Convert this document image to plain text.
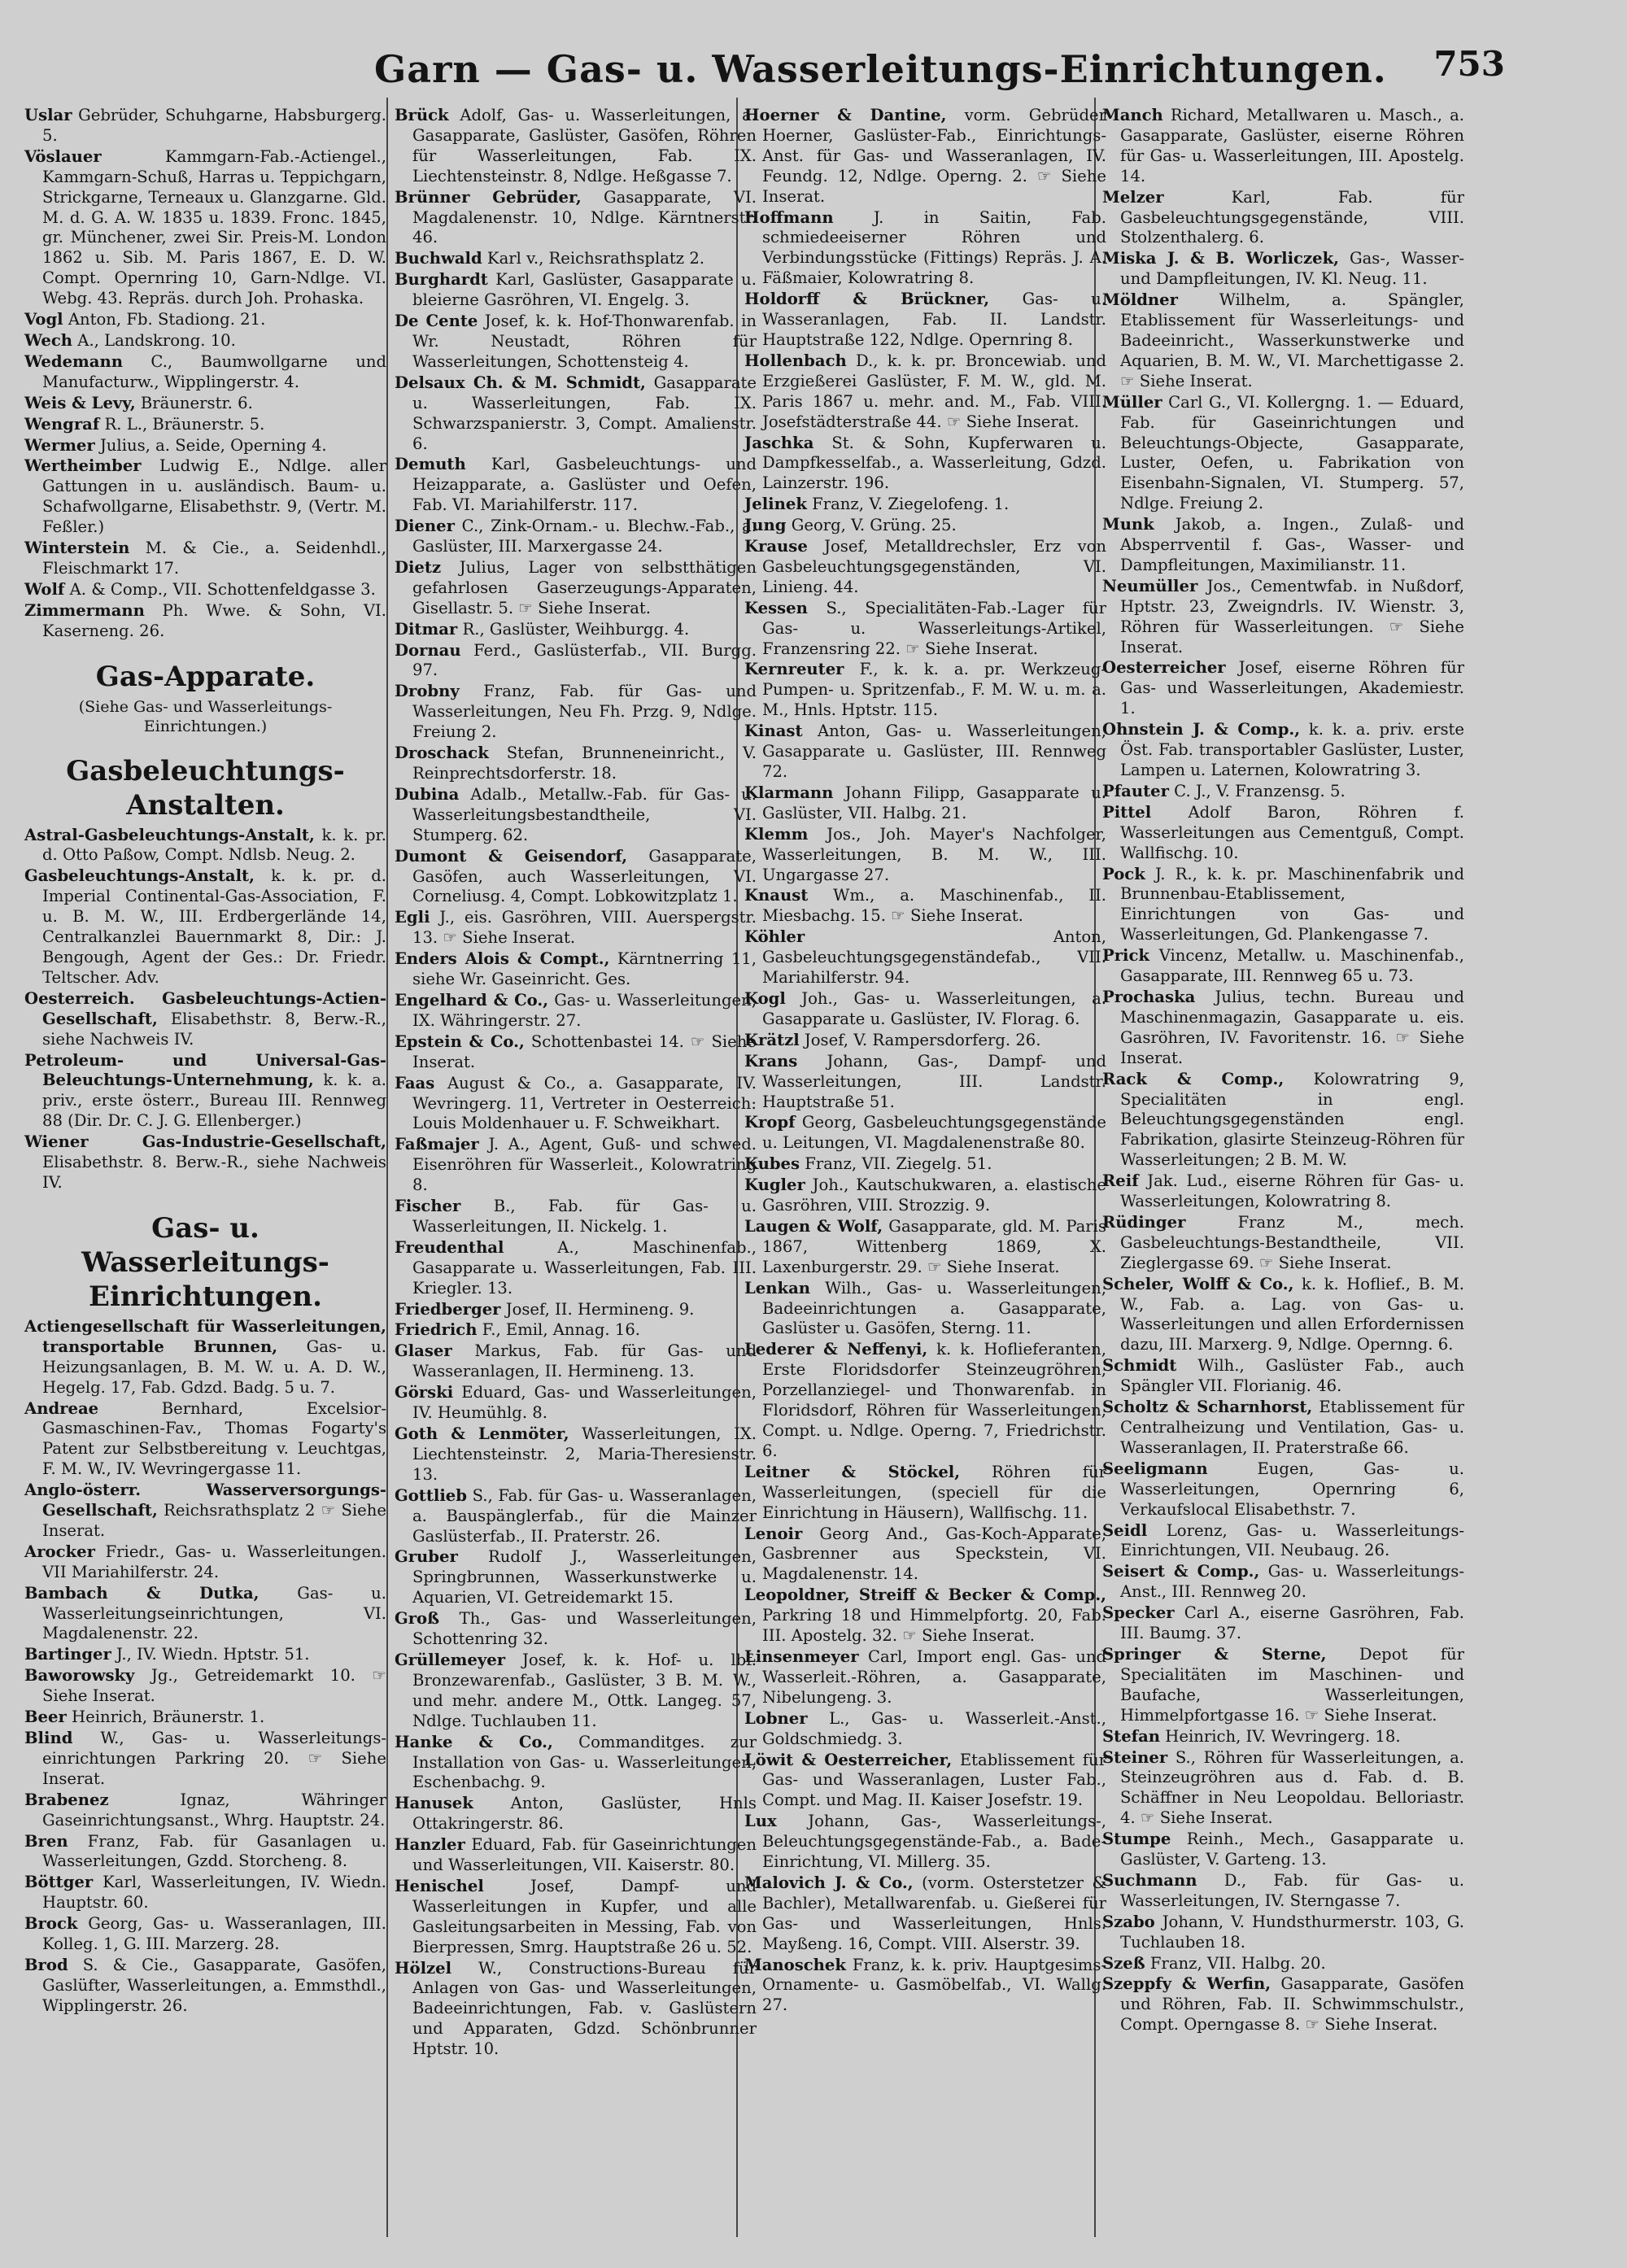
Garn — Gas- u. Wasserleitungs-Einrichtungen. 753
Uslar Gebrüder, Schuhgarne, Habsburgerg. 5.
Vöslauer Kammgarn-Fab.-Actiengel., Kammgarn-Schuß, Harras u. Teppichgarn, Strickgarne, Terneaux u. Glanzgarne. Gld. M. d. G. A. W. 1835 u. 1839. Fronc. 1845, gr. Münchener, zwei Sir. Preis-M. London 1862 u. Sib. M. Paris 1867, E. D. W. Compt. Opernring 10, Garn-Ndlge. VI. Webg. 43. Repräs. durch Joh. Prohaska.
Vogl Anton, Fb. Stadiong. 21.
Wech A., Landskrong. 10.
Wedemann C., Baumwollgarne und Manufacturw., Wipplingerstr. 4.
Weis & Levy, Bräunerstr. 6.
Wengraf R. L., Bräunerstr. 5.
Wermer Julius, a. Seide, Operning 4.
Wertheimber Ludwig E., Ndlge. aller Gattungen in u. ausländisch. Baum- u. Schafwollgarne, Elisabethstr. 9, (Vertr. M. Feßler.)
Winterstein M. & Cie., a. Seidenhdl., Fleischmarkt 17.
Wolf A. & Comp., VII. Schottenfeldgasse 3.
Zimmermann Ph. Wwe. & Sohn, VI. Kaserneng. 26.
Gas-Apparate.
(Siehe Gas- und Wasserleitungs-Einrichtungen.)
Gasbeleuchtungs-Anstalten.
Astral-Gasbeleuchtungs-Anstalt, k. k. pr. d. Otto Paßow, Compt. Ndlsb. Neug. 2.
Gasbeleuchtungs-Anstalt, k. k. pr. d. Imperial Continental-Gas-Association, F. u. B. M. W., III. Erdbergerlände 14, Centralkanzlei Bauernmarkt 8, Dir.: J. Bengough, Agent der Ges.: Dr. Friedr. Teltscher. Adv.
Oesterreich. Gasbeleuchtungs-Actien-Gesellschaft, Elisabethstr. 8, Berw.-R., siehe Nachweis IV.
Petroleum- und Universal-Gas-Beleuchtungs-Unternehmung, k. k. a. priv., erste österr., Bureau III. Rennweg 88 (Dir. Dr. C. J. G. Ellenberger.)
Wiener Gas-Industrie-Gesellschaft, Elisabethstr. 8. Berw.-R., siehe Nachweis IV.
Gas- u. Wasserleitungs-Einrichtungen.
Actiengesellschaft für Wasserleitungen, transportable Brunnen, Gas- u. Heizungsanlagen, B. M. W. u. A. D. W., Hegelg. 17, Fab. Gdzd. Badg. 5 u. 7.
Andreae Bernhard, Excelsior-Gasmaschinen-Fav., Thomas Fogarty's Patent zur Selbstbereitung v. Leuchtgas, F. M. W., IV. Wevringergasse 11.
Anglo-österr. Wasserversorgungs-Gesellschaft, Reichsrathsplatz 2 ☞ Siehe Inserat.
Arocker Friedr., Gas- u. Wasserleitungen. VII Mariahilferstr. 24.
Bambach & Dutka, Gas- u. Wasserleitungseinrichtungen, VI. Magdalenenstr. 22.
Bartinger J., IV. Wiedn. Hptstr. 51.
Baworowsky Jg., Getreidemarkt 10. ☞ Siehe Inserat.
Beer Heinrich, Bräunerstr. 1.
Blind W., Gas- u. Wasserleitungs-einrichtungen Parkring 20. ☞ Siehe Inserat.
Brabenez Ignaz, Währinger Gaseinrichtungsanst., Whrg. Hauptstr. 24.
Bren Franz, Fab. für Gasanlagen u. Wasserleitungen, Gzdd. Storcheng. 8.
Böttger Karl, Wasserleitungen, IV. Wiedn. Hauptstr. 60.
Brock Georg, Gas- u. Wasseranlagen, III. Kolleg. 1, G. III. Marzerg. 28.
Brod S. & Cie., Gasapparate, Gasöfen, Gaslüfter, Wasserleitungen, a. Emmsthdl., Wipplingerstr. 26.
Brück Adolf, Gas- u. Wasserleitungen, a. Gasapparate, Gaslüster, Gasöfen, Röhren für Wasserleitungen, Fab. IX. Liechtensteinstr. 8, Ndlge. Heßgasse 7.
Brünner Gebrüder, Gasapparate, VI. Magdalenenstr. 10, Ndlge. Kärntnerstr. 46.
Buchwald Karl v., Reichsrathsplatz 2.
Burghardt Karl, Gaslüster, Gasapparate u. bleierne Gasröhren, VI. Engelg. 3.
De Cente Josef, k. k. Hof-Thonwarenfab. in Wr. Neustadt, Röhren für Wasserleitungen, Schottensteig 4.
Delsaux Ch. & M. Schmidt, Gasapparate u. Wasserleitungen, Fab. IX. Schwarzspanierstr. 3, Compt. Amalienstr. 6.
Demuth Karl, Gasbeleuchtungs- und Heizapparate, a. Gaslüster und Oefen, Fab. VI. Mariahilferstr. 117.
Diener C., Zink-Ornam.- u. Blechw.-Fab., a. Gaslüster, III. Marxergasse 24.
Dietz Julius, Lager von selbstthätigen gefahrlosen Gaserzeugungs-Apparaten, Gisellastr. 5. ☞ Siehe Inserat.
Ditmar R., Gaslüster, Weihburgg. 4.
Dornau Ferd., Gaslüsterfab., VII. Burgg. 97.
Drobny Franz, Fab. für Gas- und Wasserleitungen, Neu Fh. Przg. 9, Ndlge. Freiung 2.
Droschack Stefan, Brunneneinricht., V. Reinprechtsdorferstr. 18.
Dubina Adalb., Metallw.-Fab. für Gas- u. Wasserleitungsbestandtheile, VI. Stumperg. 62.
Dumont & Geisendorf, Gasapparate, Gasöfen, auch Wasserleitungen, VI. Corneliusg. 4, Compt. Lobkowitzplatz 1.
Egli J., eis. Gasröhren, VIII. Auerspergstr. 13. ☞ Siehe Inserat.
Enders Alois & Compt., Kärntnerring 11, siehe Wr. Gaseinricht. Ges.
Engelhard & Co., Gas- u. Wasserleitungen, IX. Währingerstr. 27.
Epstein & Co., Schottenbastei 14. ☞ Siehe Inserat.
Faas August & Co., a. Gasapparate, IV. Wevringerg. 11, Vertreter in Oesterreich: Louis Moldenhauer u. F. Schweikhart.
Faßmajer J. A., Agent, Guß- und schwed. Eisenröhren für Wasserleit., Kolowratring 8.
Fischer B., Fab. für Gas- u. Wasserleitungen, II. Nickelg. 1.
Freudenthal A., Maschinenfab., Gasapparate u. Wasserleitungen, Fab. III. Kriegler. 13.
Friedberger Josef, II. Hermineng. 9.
Friedrich F., Emil, Annag. 16.
Glaser Markus, Fab. für Gas- und Wasseranlagen, II. Hermineng. 13.
Görski Eduard, Gas- und Wasserleitungen, IV. Heumühlg. 8.
Goth & Lenmöter, Wasserleitungen, IX. Liechtensteinstr. 2, Maria-Theresienstr. 13.
Gottlieb S., Fab. für Gas- u. Wasseranlagen, a. Bauspänglerfab., für die Mainzer Gaslüsterfab., II. Praterstr. 26.
Gruber Rudolf J., Wasserleitungen, Springbrunnen, Wasserkunstwerke u. Aquarien, VI. Getreidemarkt 15.
Groß Th., Gas- und Wasserleitungen, Schottenring 32.
Grüllemeyer Josef, k. k. Hof- u. lbf. Bronzewarenfab., Gaslüster, 3 B. M. W., und mehr. andere M., Ottk. Langeg. 57, Ndlge. Tuchlauben 11.
Hanke & Co., Commanditges. zur Installation von Gas- u. Wasserleitungen, Eschenbachg. 9.
Hanusek Anton, Gaslüster, Hnls Ottakringerstr. 86.
Hanzler Eduard, Fab. für Gaseinrichtungen und Wasserleitungen, VII. Kaiserstr. 80.
Henischel Josef, Dampf- und Wasserleitungen in Kupfer, und alle Gasleitungsarbeiten in Messing, Fab. von Bierpressen, Smrg. Hauptstraße 26 u. 52.
Hölzel W., Constructions-Bureau für Anlagen von Gas- und Wasserleitungen, Badeeinrichtungen, Fab. v. Gaslüstern und Apparaten, Gdzd. Schönbrunner Hptstr. 10.
Hoerner & Dantine, vorm. Gebrüder Hoerner, Gaslüster-Fab., Einrichtungs-Anst. für Gas- und Wasseranlagen, IV. Feundg. 12, Ndlge. Operng. 2. ☞ Siehe Inserat.
Hoffmann J. in Saitin, Fab. schmiedeeiserner Röhren und Verbindungsstücke (Fittings) Repräs. J. A. Fäßmaier, Kolowratring 8.
Holdorff & Brückner, Gas- u. Wasseranlagen, Fab. II. Landstr. Hauptstraße 122, Ndlge. Opernring 8.
Hollenbach D., k. k. pr. Broncewiab. und Erzgießerei Gaslüster, F. M. W., gld. M. Paris 1867 u. mehr. and. M., Fab. VIII. Josefstädterstraße 44. ☞ Siehe Inserat.
Jaschka St. & Sohn, Kupferwaren u. Dampfkesselfab., a. Wasserleitung, Gdzd. Lainzerstr. 196.
Jelinek Franz, V. Ziegelofeng. 1.
Jung Georg, V. Grüng. 25.
Krause Josef, Metalldrechsler, Erz von Gasbeleuchtungsgegenständen, VI. Linieng. 44.
Kessen S., Specialitäten-Fab.-Lager für Gas- u. Wasserleitungs-Artikel, Franzensring 22. ☞ Siehe Inserat.
Kernreuter F., k. k. a. pr. Werkzeug-Pumpen- u. Spritzenfab., F. M. W. u. m. a. M., Hnls. Hptstr. 115.
Kinast Anton, Gas- u. Wasserleitungen, Gasapparate u. Gaslüster, III. Rennweg 72.
Klarmann Johann Filipp, Gasapparate u. Gaslüster, VII. Halbg. 21.
Klemm Jos., Joh. Mayer's Nachfolger, Wasserleitungen, B. M. W., III. Ungargasse 27.
Knaust Wm., a. Maschinenfab., II. Miesbachg. 15. ☞ Siehe Inserat.
Köhler Anton, Gasbeleuchtungsgegenständefab., VII. Mariahilferstr. 94.
Kogl Joh., Gas- u. Wasserleitungen, a. Gasapparate u. Gaslüster, IV. Florag. 6.
Krätzl Josef, V. Rampersdorferg. 26.
Krans Johann, Gas-, Dampf- und Wasserleitungen, III. Landstr. Hauptstraße 51.
Kropf Georg, Gasbeleuchtungsgegenstände u. Leitungen, VI. Magdalenenstraße 80.
Kubes Franz, VII. Ziegelg. 51.
Kugler Joh., Kautschukwaren, a. elastische Gasröhren, VIII. Strozzig. 9.
Laugen & Wolf, Gasapparate, gld. M. Paris 1867, Wittenberg 1869, X. Laxenburgerstr. 29. ☞ Siehe Inserat.
Lenkan Wilh., Gas- u. Wasserleitungen, Badeeinrichtungen a. Gasapparate, Gaslüster u. Gasöfen, Sterng. 11.
Lederer & Neffenyi, k. k. Hoflieferanten, Erste Floridsdorfer Steinzeugröhren, Porzellanziegel- und Thonwarenfab. in Floridsdorf, Röhren für Wasserleitungen, Compt. u. Ndlge. Operng. 7, Friedrichstr. 6.
Leitner & Stöckel, Röhren für Wasserleitungen, (speciell für die Einrichtung in Häusern), Wallfischg. 11.
Lenoir Georg And., Gas-Koch-Apparate, Gasbrenner aus Speckstein, VI. Magdalenenstr. 14.
Leopoldner, Streiff & Becker & Comp., Parkring 18 und Himmelpfortg. 20, Fab. III. Apostelg. 32. ☞ Siehe Inserat.
Linsenmeyer Carl, Import engl. Gas- und Wasserleit.-Röhren, a. Gasapparate, Nibelungeng. 3.
Lobner L., Gas- u. Wasserleit.-Anst., Goldschmiedg. 3.
Löwit & Oesterreicher, Etablissement für Gas- und Wasseranlagen, Luster Fab., Compt. und Mag. II. Kaiser Josefstr. 19.
Lux Johann, Gas-, Wasserleitungs-, Beleuchtungsgegenstände-Fab., a. Bade-Einrichtung, VI. Millerg. 35.
Malovich J. & Co., (vorm. Osterstetzer & Bachler), Metallwarenfab. u. Gießerei für Gas- und Wasserleitungen, Hnls. Mayßeng. 16, Compt. VIII. Alserstr. 39.
Manoschek Franz, k. k. priv. Hauptgesims-Ornamente- u. Gasmöbelfab., VI. Wallg. 27.
Manch Richard, Metallwaren u. Masch., a. Gasapparate, Gaslüster, eiserne Röhren für Gas- u. Wasserleitungen, III. Apostelg. 14.
Melzer Karl, Fab. für Gasbeleuchtungsgegenstände, VIII. Stolzenthalerg. 6.
Miska J. & B. Worliczek, Gas-, Wasser- und Dampfleitungen, IV. Kl. Neug. 11.
Möldner Wilhelm, a. Spängler, Etablissement für Wasserleitungs- und Badeeinricht., Wasserkunstwerke und Aquarien, B. M. W., VI. Marchettigasse 2. ☞ Siehe Inserat.
Müller Carl G., VI. Kollergng. 1. — Eduard, Fab. für Gaseinrichtungen und Beleuchtungs-Objecte, Gasapparate, Luster, Oefen, u. Fabrikation von Eisenbahn-Signalen, VI. Stumperg. 57, Ndlge. Freiung 2.
Munk Jakob, a. Ingen., Zulaß- und Absperrventil f. Gas-, Wasser- und Dampfleitungen, Maximilianstr. 11.
Neumüller Jos., Cementwfab. in Nußdorf, Hptstr. 23, Zweigndrls. IV. Wienstr. 3, Röhren für Wasserleitungen. ☞ Siehe Inserat.
Oesterreicher Josef, eiserne Röhren für Gas- und Wasserleitungen, Akademiestr. 1.
Ohnstein J. & Comp., k. k. a. priv. erste Öst. Fab. transportabler Gaslüster, Luster, Lampen u. Laternen, Kolowratring 3.
Pfauter C. J., V. Franzensg. 5.
Pittel Adolf Baron, Röhren f. Wasserleitungen aus Cementguß, Compt. Wallfischg. 10.
Pock J. R., k. k. pr. Maschinenfabrik und Brunnenbau-Etablissement, Einrichtungen von Gas- und Wasserleitungen, Gd. Plankengasse 7.
Prick Vincenz, Metallw. u. Maschinenfab., Gasapparate, III. Rennweg 65 u. 73.
Prochaska Julius, techn. Bureau und Maschinenmagazin, Gasapparate u. eis. Gasröhren, IV. Favoritenstr. 16. ☞ Siehe Inserat.
Rack & Comp., Kolowratring 9, Specialitäten in engl. Beleuchtungsgegenständen engl. Fabrikation, glasirte Steinzeug-Röhren für Wasserleitungen; 2 B. M. W.
Reif Jak. Lud., eiserne Röhren für Gas- u. Wasserleitungen, Kolowratring 8.
Rüdinger Franz M., mech. Gasbeleuchtungs-Bestandtheile, VII. Zieglergasse 69. ☞ Siehe Inserat.
Scheler, Wolff & Co., k. k. Hoflief., B. M. W., Fab. a. Lag. von Gas- u. Wasserleitungen und allen Erfordernissen dazu, III. Marxerg. 9, Ndlge. Opernng. 6.
Schmidt Wilh., Gaslüster Fab., auch Spängler VII. Florianig. 46.
Scholtz & Scharnhorst, Etablissement für Centralheizung und Ventilation, Gas- u. Wasseranlagen, II. Praterstraße 66.
Seeligmann Eugen, Gas- u. Wasserleitungen, Opernring 6, Verkaufslocal Elisabethstr. 7.
Seidl Lorenz, Gas- u. Wasserleitungs-Einrichtungen, VII. Neubaug. 26.
Seisert & Comp., Gas- u. Wasserleitungs-Anst., III. Rennweg 20.
Specker Carl A., eiserne Gasröhren, Fab. III. Baumg. 37.
Springer & Sterne, Depot für Specialitäten im Maschinen- und Baufache, Wasserleitungen, Himmelpfortgasse 16. ☞ Siehe Inserat.
Stefan Heinrich, IV. Wevringerg. 18.
Steiner S., Röhren für Wasserleitungen, a. Steinzeugröhren aus d. Fab. d. B. Schäffner in Neu Leopoldau. Belloriastr. 4. ☞ Siehe Inserat.
Stumpe Reinh., Mech., Gasapparate u. Gaslüster, V. Garteng. 13.
Suchmann D., Fab. für Gas- u. Wasserleitungen, IV. Sterngasse 7.
Szabo Johann, V. Hundsthurmerstr. 103, G. Tuchlauben 18.
Szeß Franz, VII. Halbg. 20.
Szeppfy & Werfin, Gasapparate, Gasöfen und Röhren, Fab. II. Schwimmschulstr., Compt. Operngasse 8. ☞ Siehe Inserat.
